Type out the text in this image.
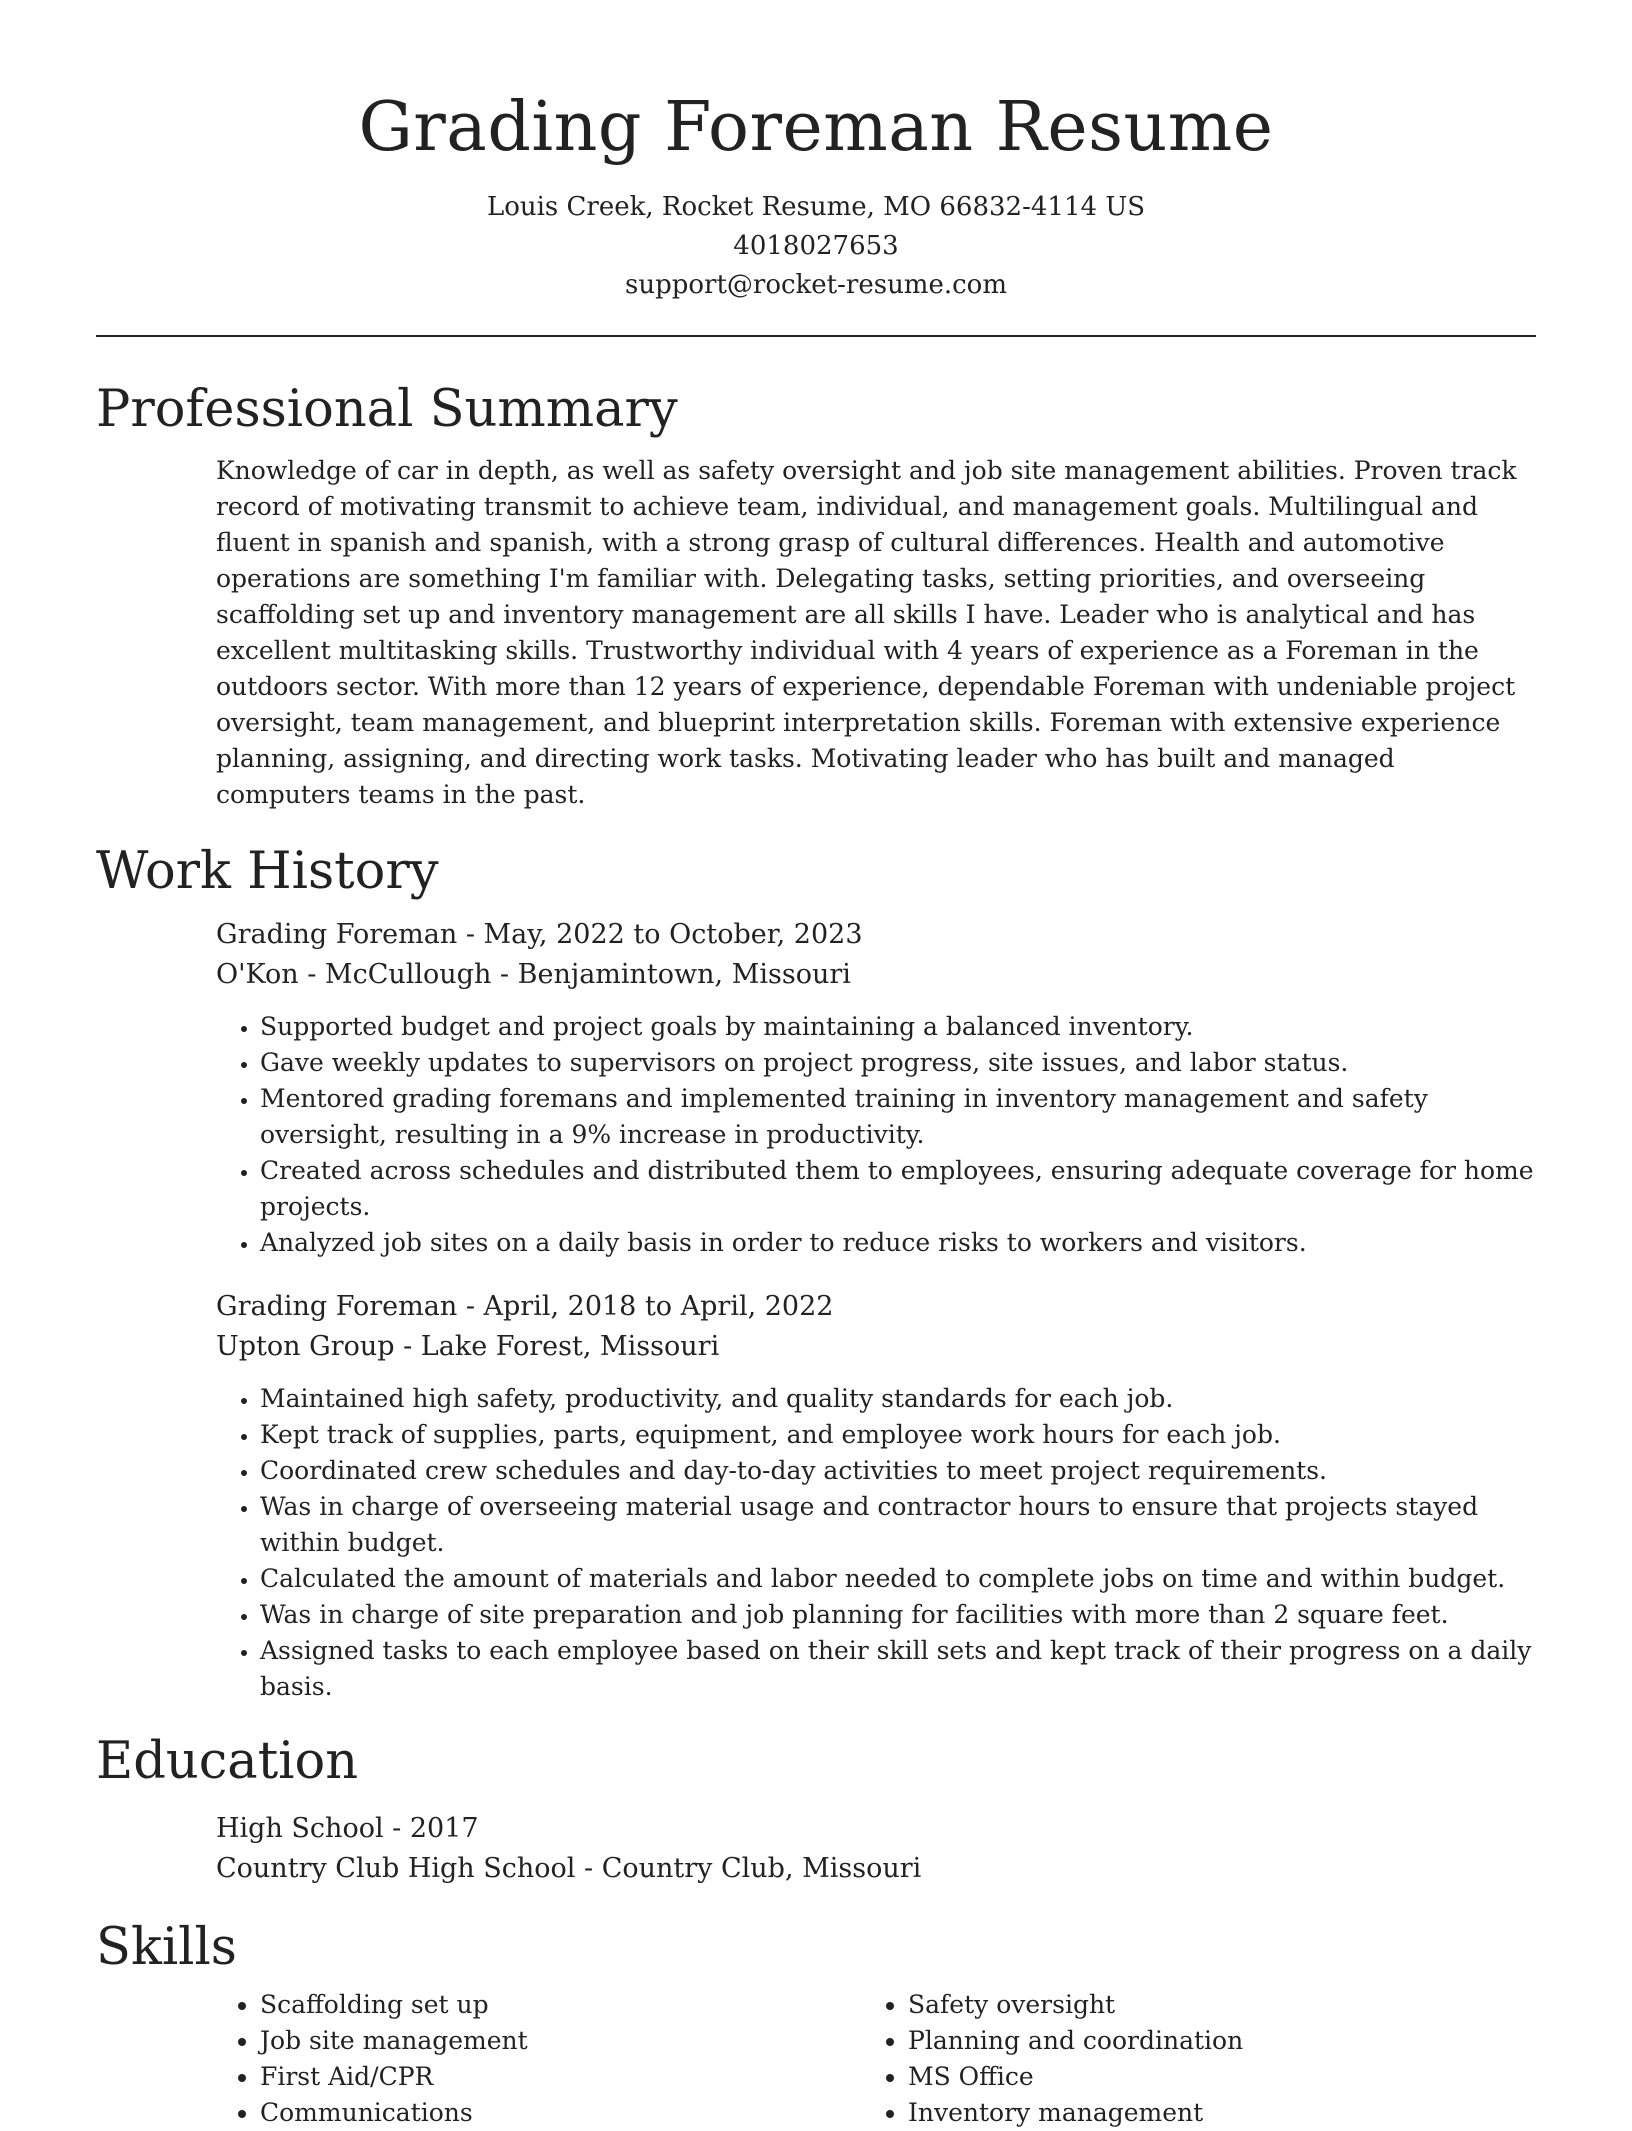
Grading Foreman Resume
Louis Creek, Rocket Resume, MO 66832-4114 US
4018027653
support@rocket-resume.com
Professional Summary

Knowledge of car in depth, as well as safety oversight and job site management abilities. Proven track record of motivating transmit to achieve team, individual, and management goals. Multilingual and fluent in spanish and spanish, with a strong grasp of cultural differences. Health and automotive operations are something I'm familiar with. Delegating tasks, setting priorities, and overseeing scaffolding set up and inventory management are all skills I have. Leader who is analytical and has excellent multitasking skills. Trustworthy individual with 4 years of experience as a Foreman in the outdoors sector. With more than 12 years of experience, dependable Foreman with undeniable project oversight, team management, and blueprint interpretation skills. Foreman with extensive experience planning, assigning, and directing work tasks. Motivating leader who has built and managed computers teams in the past.

Work History
Grading Foreman - May, 2022 to October, 2023
O'Kon - McCullough - Benjamintown, Missouri
• Supported budget and project goals by maintaining a balanced inventory.
• Gave weekly updates to supervisors on project progress, site issues, and labor status.
• Mentored grading foremans and implemented training in inventory management and safety oversight, resulting in a 9% increase in productivity.
• Created across schedules and distributed them to employees, ensuring adequate coverage for home projects.
• Analyzed job sites on a daily basis in order to reduce risks to workers and visitors.
Grading Foreman - April, 2018 to April, 2022
Upton Group - Lake Forest, Missouri
• Maintained high safety, productivity, and quality standards for each job.
• Kept track of supplies, parts, equipment, and employee work hours for each job.
• Coordinated crew schedules and day-to-day activities to meet project requirements.
• Was in charge of overseeing material usage and contractor hours to ensure that projects stayed within budget.
• Calculated the amount of materials and labor needed to complete jobs on time and within budget.
• Was in charge of site preparation and job planning for facilities with more than 2 square feet.
• Assigned tasks to each employee based on their skill sets and kept track of their progress on a daily basis.
Education
High School - 2017
Country Club High School - Country Club, Missouri
Skills
• Scaffolding set up
• Job site management
• First Aid/CPR
• Communications
• Safety oversight
• Planning and coordination
• MS Office
• Inventory management
